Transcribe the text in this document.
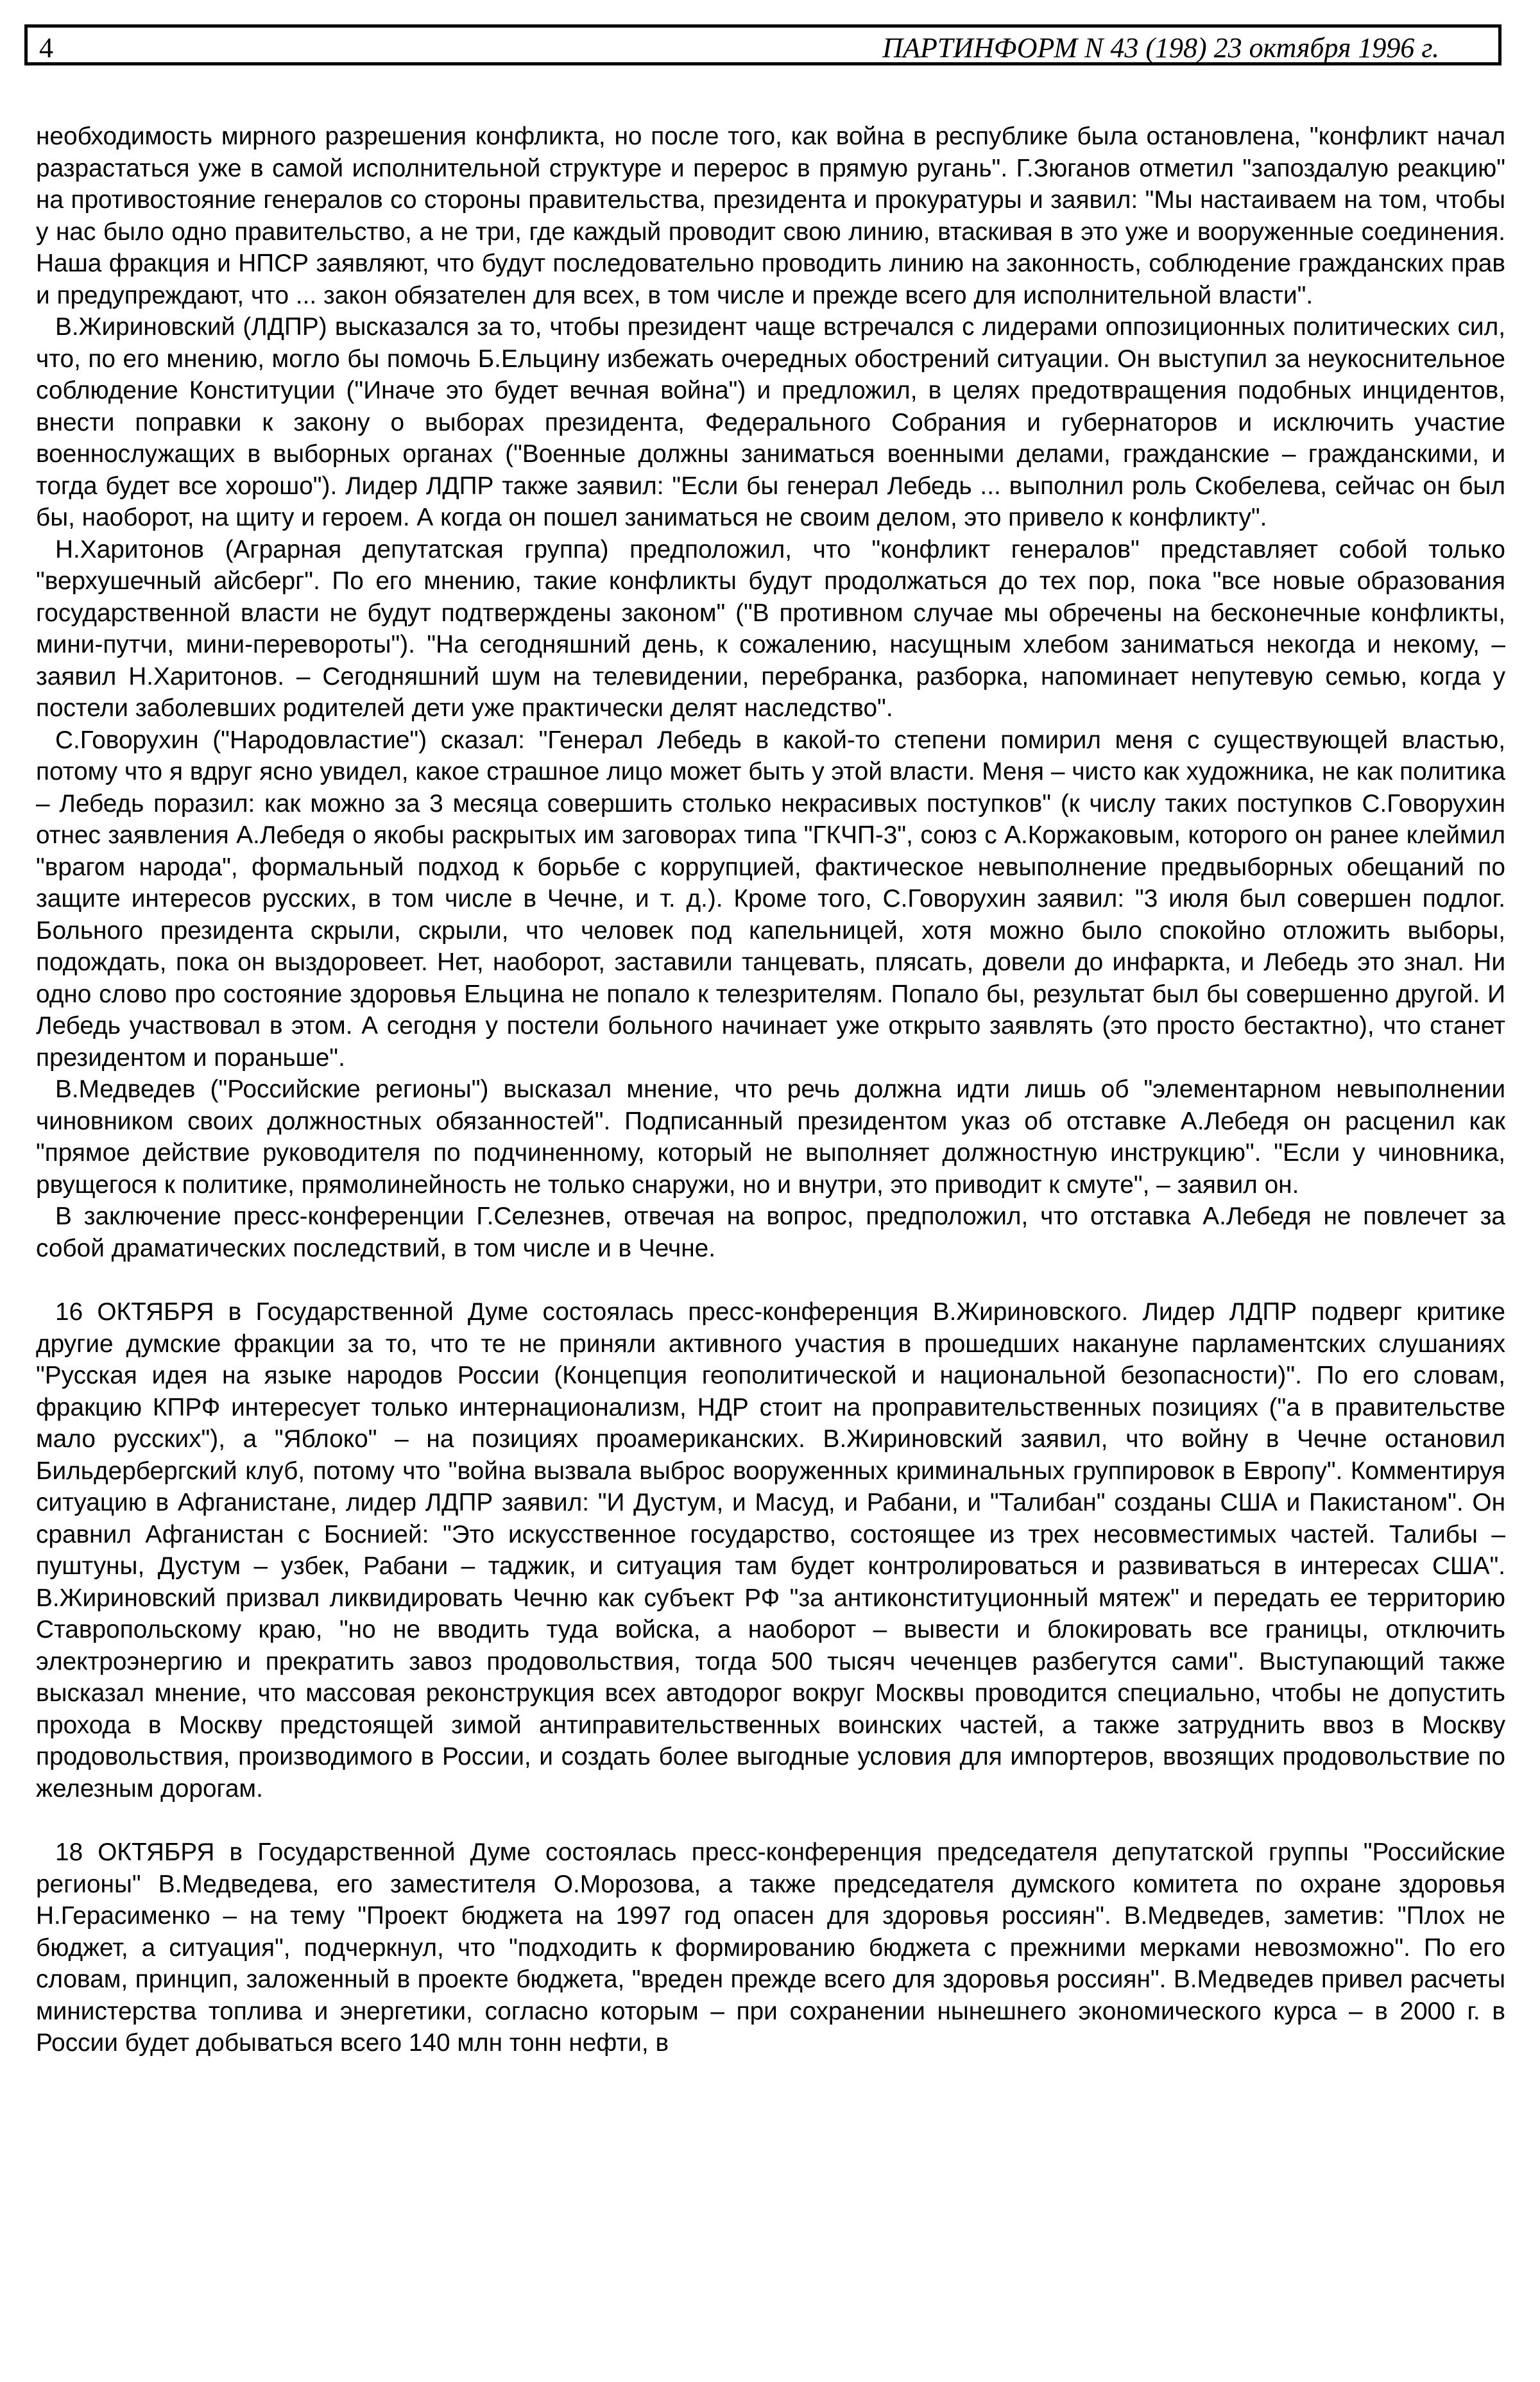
4	ПАРТИНФОРМ N 43 (198) 23 октября 1996 г.

необходимость мирного разрешения конфликта, но после того, как война в республике была остановлена, "конфликт начал разрастаться уже в самой исполнительной структуре и перерос в прямую ругань". Г.Зюганов отметил "запоздалую реакцию" на противостояние генералов со стороны правительства, президента и прокуратуры и заявил: "Мы настаиваем на том, чтобы у нас было одно правительство, а не три, где каждый проводит свою линию, втаскивая в это уже и вооруженные соединения. Наша фракция и НПСР заявляют, что будут последовательно проводить линию на законность, соблюдение гражданских прав и предупреждают, что ... закон обязателен для всех, в том числе и прежде всего для исполнительной власти".

В.Жириновский (ЛДПР) высказался за то, чтобы президент чаще встречался с лидерами оппозиционных политических сил, что, по его мнению, могло бы помочь Б.Ельцину избежать очередных обострений ситуации. Он выступил за неукоснительное соблюдение Конституции ("Иначе это будет вечная война") и предложил, в целях предотвращения подобных инцидентов, внести поправки к закону о выборах президента, Федерального Собрания и губернаторов и исключить участие военнослужащих в выборных органах ("Военные должны заниматься военными делами, гражданские – гражданскими, и тогда будет все хорошо"). Лидер ЛДПР также заявил: "Если бы генерал Лебедь ... выполнил роль Скобелева, сейчас он был бы, наоборот, на щиту и героем. А когда он пошел заниматься не своим делом, это привело к конфликту".

Н.Харитонов (Аграрная депутатская группа) предположил, что "конфликт генералов" представляет собой только "верхушечный айсберг". По его мнению, такие конфликты будут продолжаться до тех пор, пока "все новые образования государственной власти не будут подтверждены законом" ("В противном случае мы обречены на бесконечные конфликты, мини-путчи, мини-перевороты"). "На сегодняшний день, к сожалению, насущным хлебом заниматься некогда и некому, – заявил Н.Харитонов. – Сегодняшний шум на телевидении, перебранка, разборка, напоминает непутевую семью, когда у постели заболевших родителей дети уже практически делят наследство".

С.Говорухин ("Народовластие") сказал: "Генерал Лебедь в какой-то степени помирил меня с существующей властью, потому что я вдруг ясно увидел, какое страшное лицо может быть у этой власти. Меня – чисто как художника, не как политика – Лебедь поразил: как можно за 3 месяца совершить столько некрасивых поступков" (к числу таких поступков С.Говорухин отнес заявления А.Лебедя о якобы раскрытых им заговорах типа "ГКЧП-3", союз с А.Коржаковым, которого он ранее клеймил "врагом народа", формальный подход к борьбе с коррупцией, фактическое невыполнение предвыборных обещаний по защите интересов русских, в том числе в Чечне, и т. д.). Кроме того, С.Говорухин заявил: "3 июля был совершен подлог. Больного президента скрыли, скрыли, что человек под капельницей, хотя можно было спокойно отложить выборы, подождать, пока он выздоровеет. Нет, наоборот, заставили танцевать, плясать, довели до инфаркта, и Лебедь это знал. Ни одно слово про состояние здоровья Ельцина не попало к телезрителям. Попало бы, результат был бы совершенно другой. И Лебедь участвовал в этом. А сегодня у постели больного начинает уже открыто заявлять (это просто бестактно), что станет президентом и пораньше".

В.Медведев ("Российские регионы") высказал мнение, что речь должна идти лишь об "элементарном невыполнении чиновником своих должностных обязанностей". Подписанный президентом указ об отставке А.Лебедя он расценил как "прямое действие руководителя по подчиненному, который не выполняет должностную инструкцию". "Если у чиновника, рвущегося к политике, прямолинейность не только снаружи, но и внутри, это приводит к смуте", – заявил он.

В заключение пресс-конференции Г.Селезнев, отвечая на вопрос, предположил, что отставка А.Лебедя не повлечет за собой драматических последствий, в том числе и в Чечне.

16 ОКТЯБРЯ в Государственной Думе состоялась пресс-конференция В.Жириновского. Лидер ЛДПР подверг критике другие думские фракции за то, что те не приняли активного участия в прошедших накануне парламентских слушаниях "Русская идея на языке народов России (Концепция геополитической и национальной безопасности)". По его словам, фракцию КПРФ интересует только интернационализм, НДР стоит на проправительственных позициях ("а в правительстве мало русских"), а "Яблоко" – на позициях проамериканских. В.Жириновский заявил, что войну в Чечне остановил Бильдербергский клуб, потому что "война вызвала выброс вооруженных криминальных группировок в Европу". Комментируя ситуацию в Афганистане, лидер ЛДПР заявил: "И Дустум, и Масуд, и Рабани, и "Талибан" созданы США и Пакистаном". Он сравнил Афганистан с Боснией: "Это искусственное государство, состоящее из трех несовместимых частей. Талибы – пуштуны, Дустум – узбек, Рабани – таджик, и ситуация там будет контролироваться и развиваться в интересах США". В.Жириновский призвал ликвидировать Чечню как субъект РФ "за антиконституционный мятеж" и передать ее территорию Ставропольскому краю, "но не вводить туда войска, а наоборот – вывести и блокировать все границы, отключить электроэнергию и прекратить завоз продовольствия, тогда 500 тысяч чеченцев разбегутся сами". Выступающий также высказал мнение, что массовая реконструкция всех автодорог вокруг Москвы проводится специально, чтобы не допустить прохода в Москву предстоящей зимой антиправительственных воинских частей, а также затруднить ввоз в Москву продовольствия, производимого в России, и создать более выгодные условия для импортеров, ввозящих продовольствие по железным дорогам.

18 ОКТЯБРЯ в Государственной Думе состоялась пресс-конференция председателя депутатской группы "Российские регионы" В.Медведева, его заместителя О.Морозова, а также председателя думского комитета по охране здоровья Н.Герасименко – на тему "Проект бюджета на 1997 год опасен для здоровья россиян". В.Медведев, заметив: "Плох не бюджет, а ситуация", подчеркнул, что "подходить к формированию бюджета с прежними мерками невозможно". По его словам, принцип, заложенный в проекте бюджета, "вреден прежде всего для здоровья россиян". В.Медведев привел расчеты министерства топлива и энергетики, согласно которым – при сохранении нынешнего экономического курса – в 2000 г. в России будет добываться всего 140 млн тонн нефти, в
